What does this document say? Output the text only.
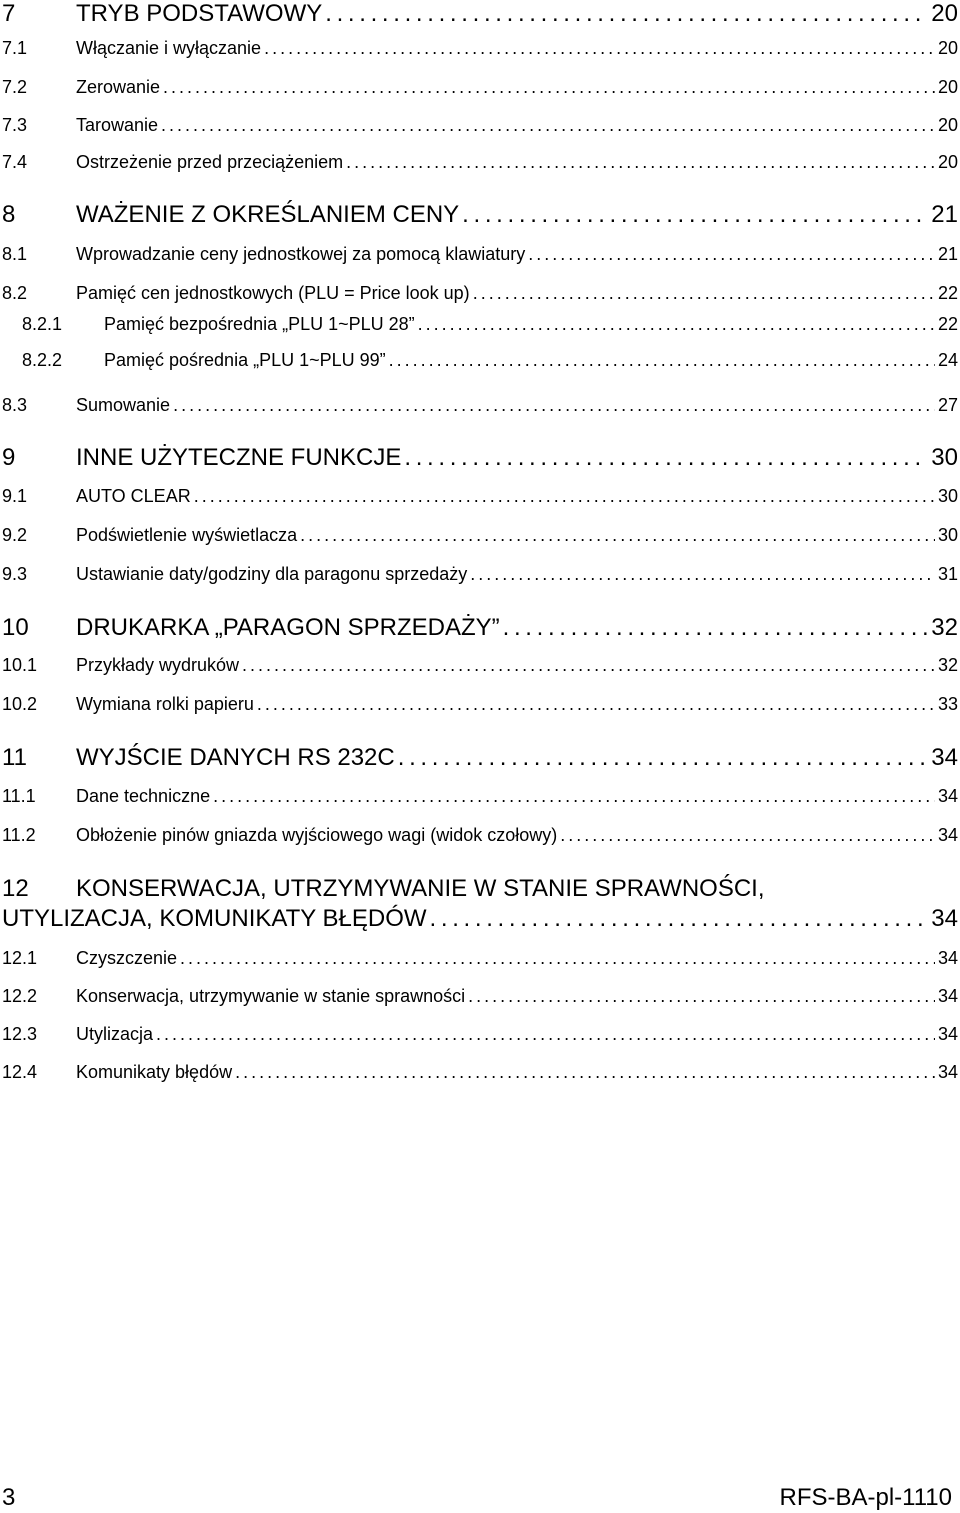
7	TRYB PODSTAWOWY . . .	20
7.1	Włączanie i wyłączanie . . .	20
7.2	Zerowanie . . .	20
7.3	Tarowanie . . .	20
7.4	Ostrzeżenie przed przeciążeniem . . .	20
8	WAŻENIE Z OKREŚLANIEM CENY . . .	21
8.1	Wprowadzanie ceny jednostkowej za pomocą klawiatury . . .	21
8.2	Pamięć cen jednostkowych (PLU = Price look up) . . .	22
8.2.1	Pamięć bezpośrednia „PLU 1~PLU 28” . . .	22
8.2.2	Pamięć pośrednia „PLU 1~PLU 99” . . .	24
8.3	Sumowanie . . .	27
9	INNE UŻYTECZNE FUNKCJE . . .	30
9.1	AUTO CLEAR . . .	30
9.2	Podświetlenie wyświetlacza . . .	30
9.3	Ustawianie daty/godziny dla paragonu sprzedaży . . .	31
10	DRUKARKA „PARAGON SPRZEDAŻY” . . .	32
10.1	Przykłady wydruków . . .	32
10.2	Wymiana rolki papieru . . .	33
11	WYJŚCIE DANYCH RS 232C . . .	34
11.1	Dane techniczne . . .	34
11.2	Obłożenie pinów gniazda wyjściowego wagi (widok czołowy) . . .	34
12	KONSERWACJA, UTRZYMYWANIE W STANIE SPRAWNOŚCI,
UTYLIZACJA, KOMUNIKATY BŁĘDÓW . . .	34
12.1	Czyszczenie . . .	34
12.2	Konserwacja, utrzymywanie w stanie sprawności . . .	34
12.3	Utylizacja . . .	34
12.4	Komunikaty błędów . . .	34
3	RFS-BA-pl-1110
